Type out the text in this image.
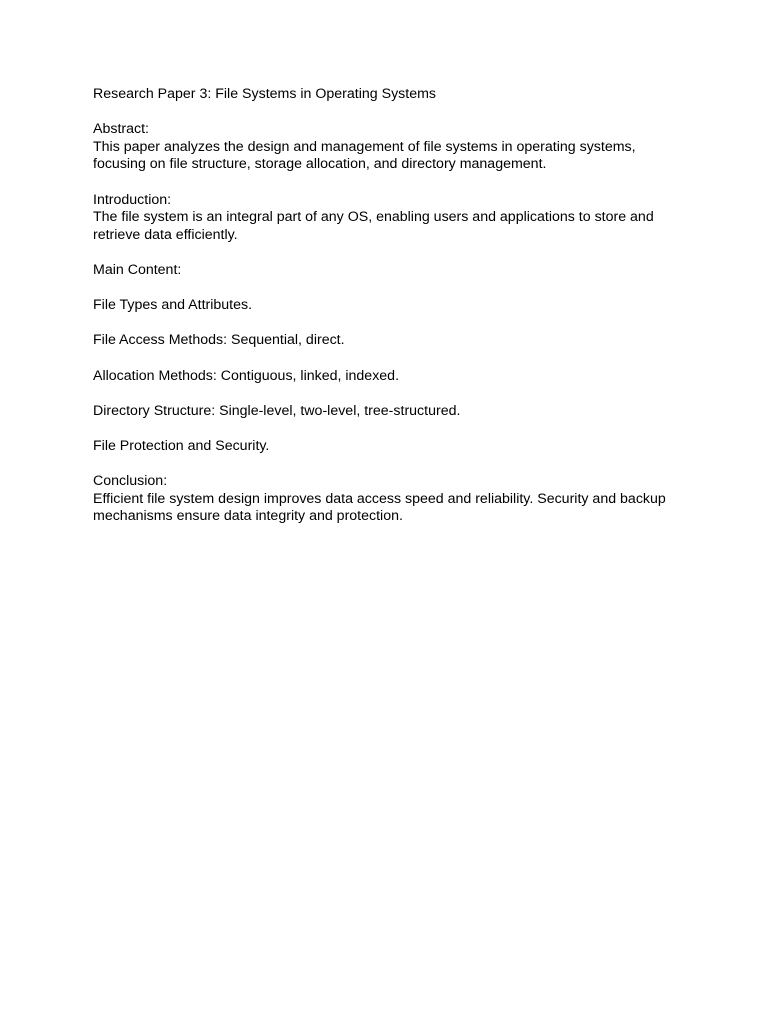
Research Paper 3: File Systems in Operating Systems
Abstract:
This paper analyzes the design and management of file systems in operating systems,
focusing on file structure, storage allocation, and directory management.
Introduction:
The file system is an integral part of any OS, enabling users and applications to store and
retrieve data efficiently.
Main Content:
File Types and Attributes.
File Access Methods: Sequential, direct.
Allocation Methods: Contiguous, linked, indexed.
Directory Structure: Single-level, two-level, tree-structured.
File Protection and Security.
Conclusion:
Efficient file system design improves data access speed and reliability. Security and backup
mechanisms ensure data integrity and protection.
